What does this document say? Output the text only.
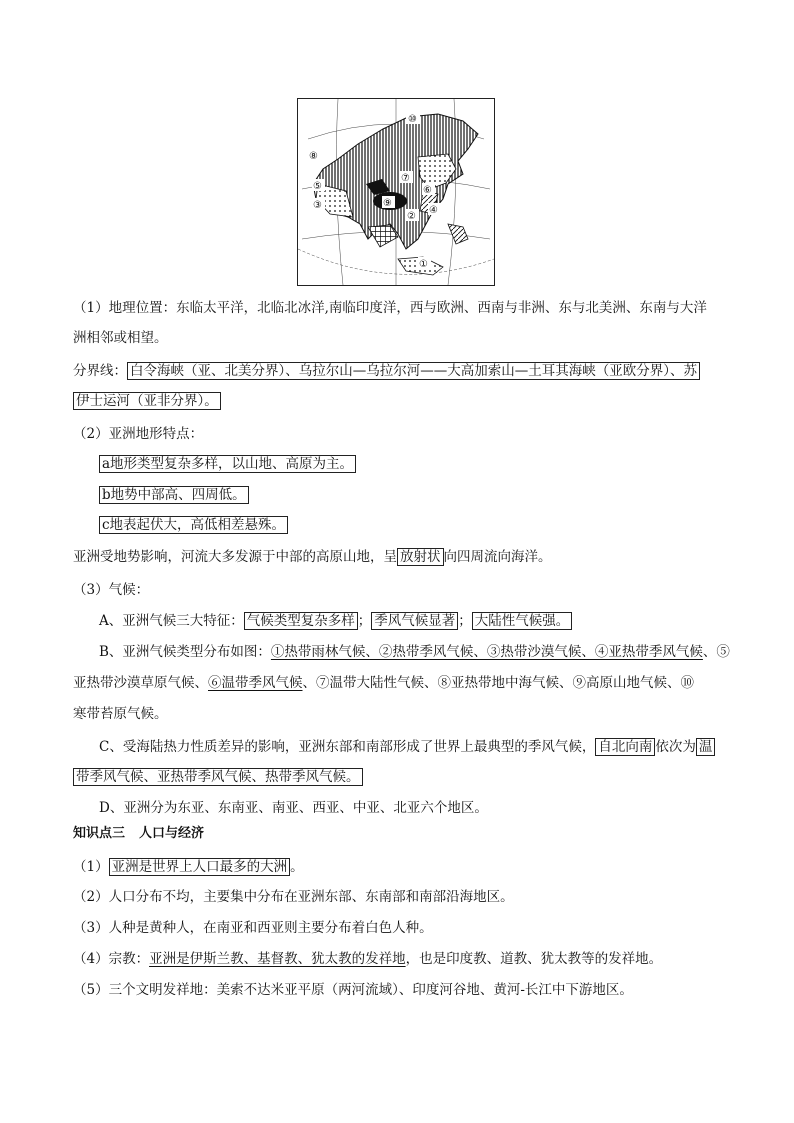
⑩
⑧
⑤
③
⑦
⑥
⑨
④
②
①
（1）地理位置：东临太平洋，北临北冰洋,南临印度洋，西与欧洲、西南与非洲、东与北美洲、东南与大洋
洲相邻或相望。
分界线： 白令海峡（亚、北美分界）、乌拉尔山—乌拉尔河——大高加索山—土耳其海峡（亚欧分界）、苏
伊士运河（亚非分界）。
（2）亚洲地形特点：
a地形类型复杂多样，以山地、高原为主。
b地势中部高、四周低。
c地表起伏大，高低相差悬殊。
亚洲受地势影响，河流大多发源于中部的高原山地，呈 放射状 向四周流向海洋。
（3）气候：
A、亚洲气候三大特征： 气候类型复杂多样 ； 季风气候显著 ； 大陆性气候强。
B、亚洲气候类型分布如图：①热带雨林气候、②热带季风气候、③热带沙漠气候、④亚热带季风气候、⑤
亚热带沙漠草原气候、⑥温带季风气候、⑦温带大陆性气候、⑧亚热带地中海气候、⑨高原山地气候、⑩
寒带苔原气候。
C、受海陆热力性质差异的影响，亚洲东部和南部形成了世界上最典型的季风气候， 自北向南 依次为 温
带季风气候、亚热带季风气候、热带季风气候。
D、亚洲分为东亚、东南亚、南亚、西亚、中亚、北亚六个地区。
知识点三 人口与经济
（1） 亚洲是世界上人口最多的大洲 。
（2）人口分布不均，主要集中分布在亚洲东部、东南部和南部沿海地区。
（3）人种是黄种人，在南亚和西亚则主要分布着白色人种。
（4）宗教：亚洲是伊斯兰教、基督教、犹太教的发祥地，也是印度教、道教、犹太教等的发祥地。
（5）三个文明发祥地：美索不达米亚平原（两河流域）、印度河谷地、黄河-长江中下游地区。
